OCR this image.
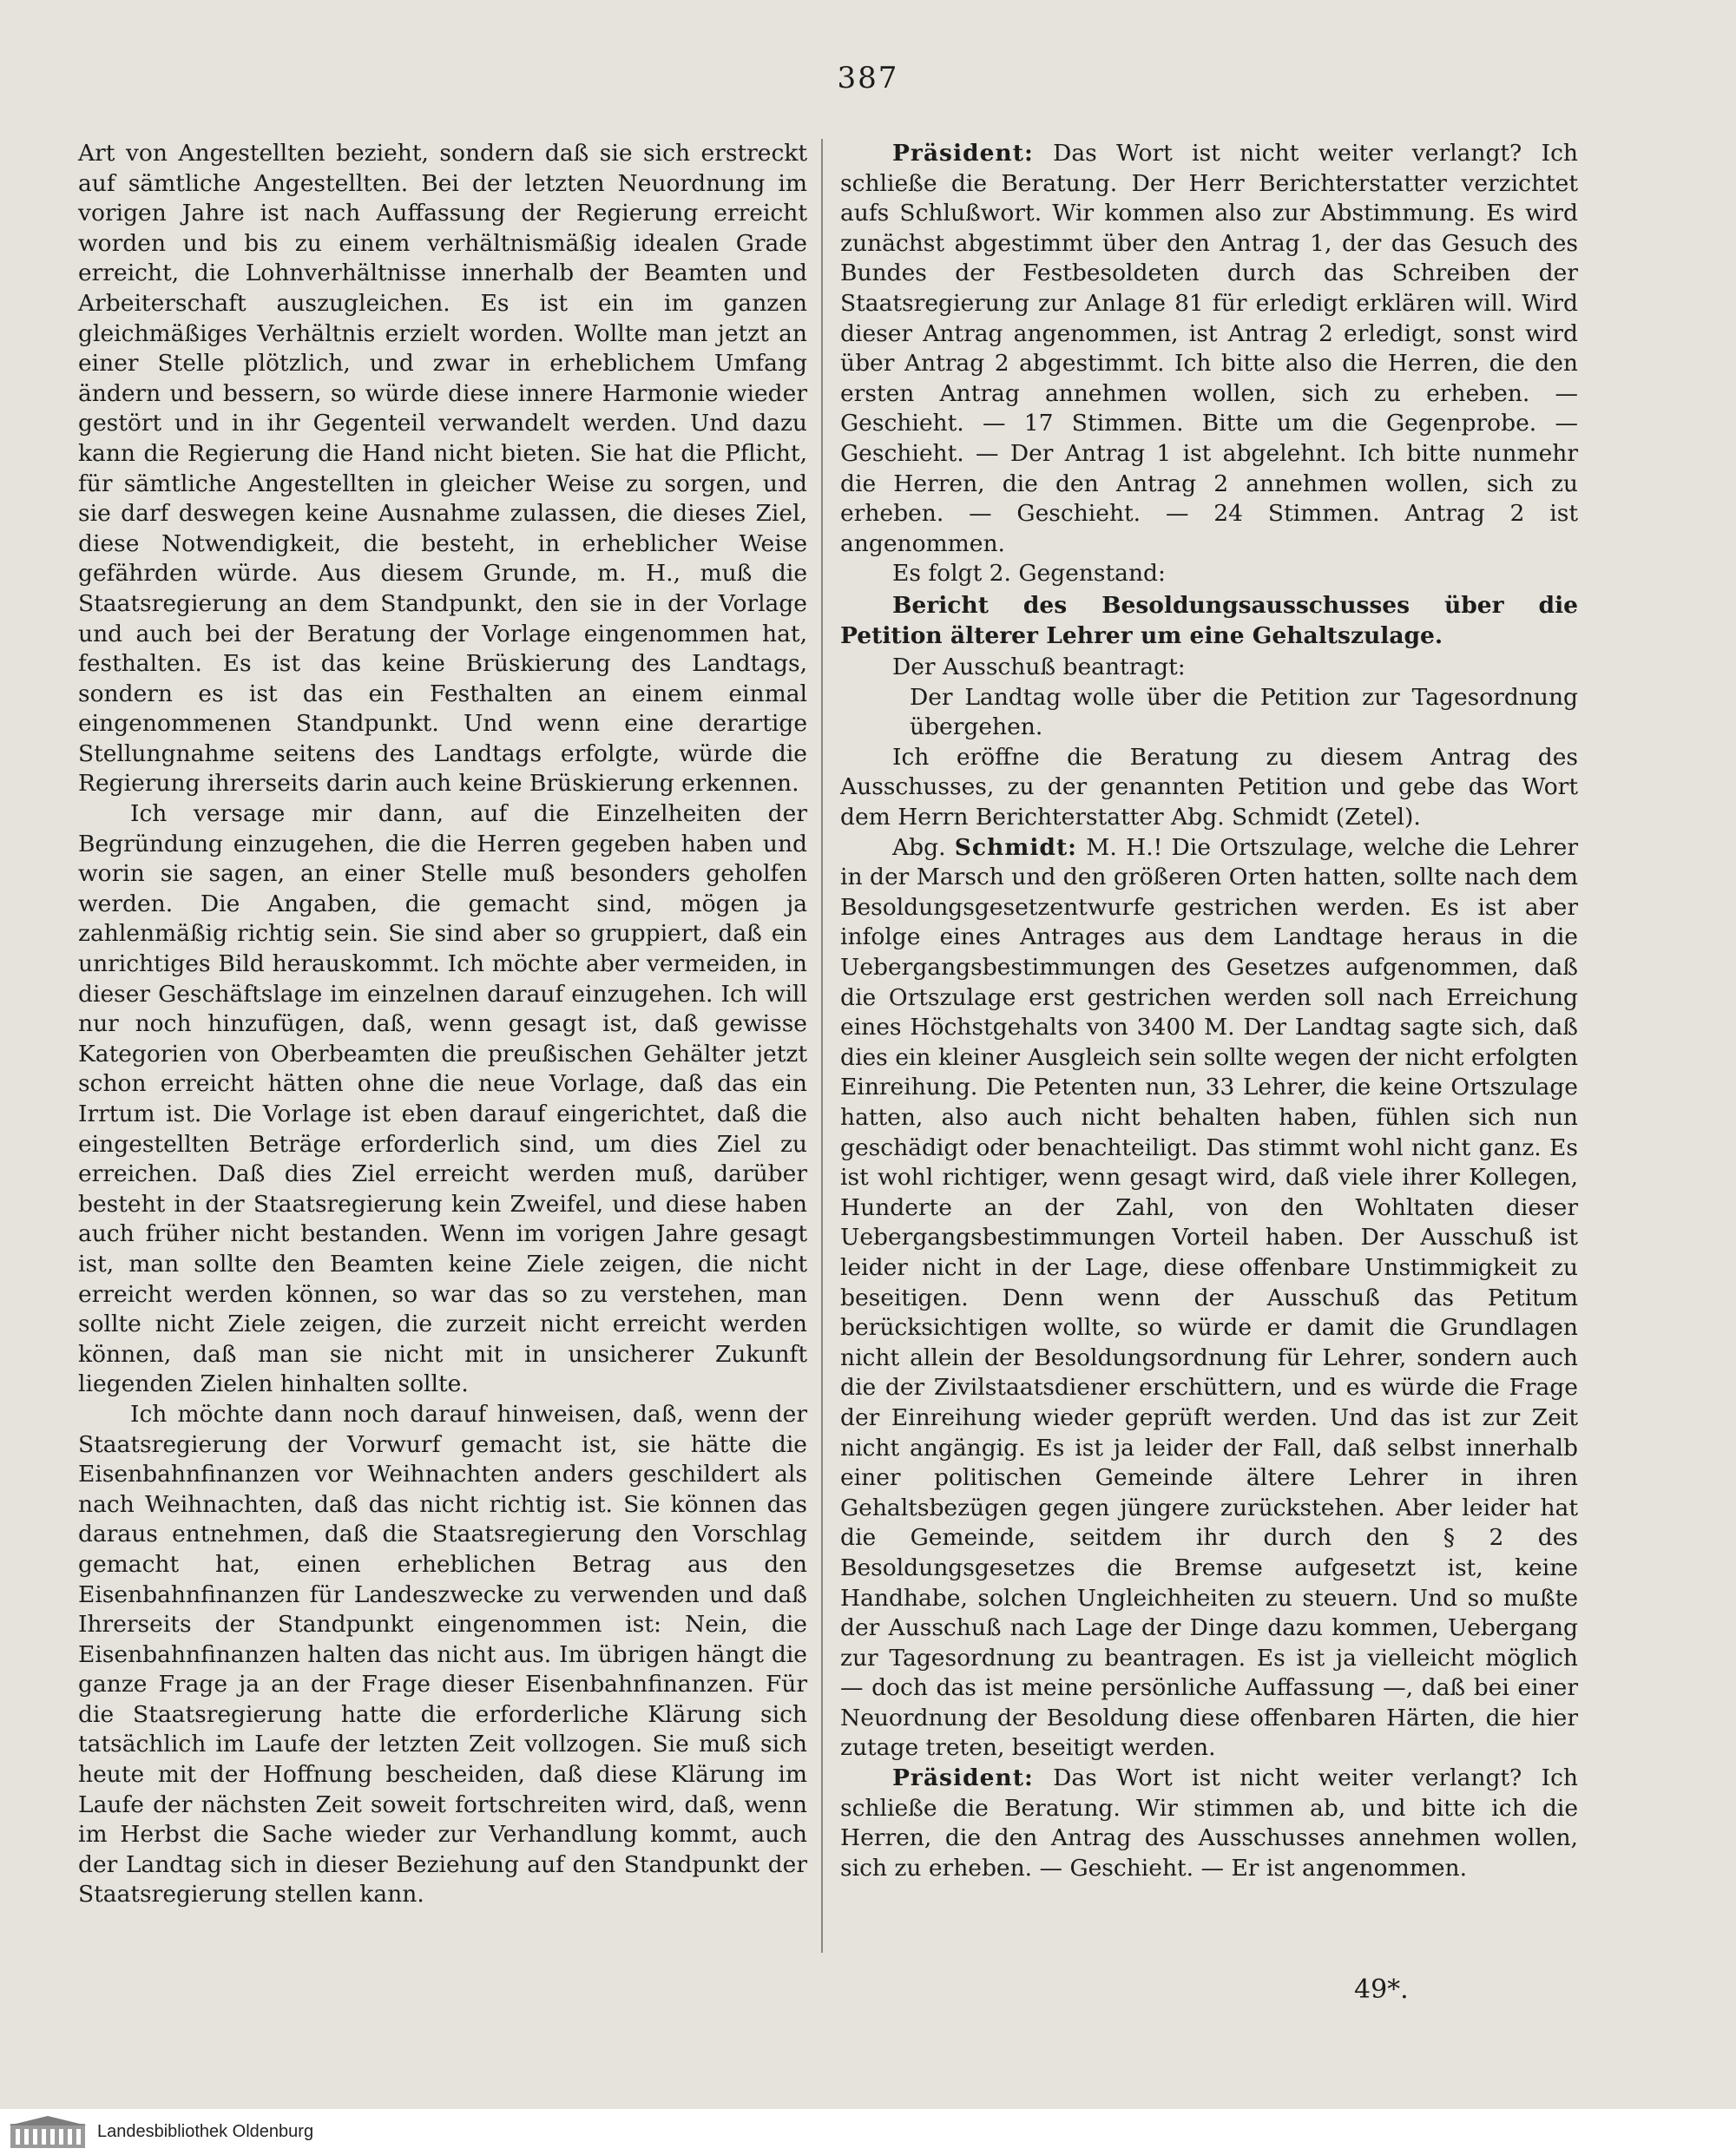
387

Art von Angestellten bezieht, sondern daß sie sich erstreckt auf sämtliche Angestellten. Bei der letzten Neuordnung im vorigen Jahre ist nach Auffassung der Regierung erreicht worden und bis zu einem verhältnismäßig idealen Grade erreicht, die Lohnverhältnisse innerhalb der Beamten und Arbeiterschaft auszugleichen. Es ist ein im ganzen gleichmäßiges Verhältnis erzielt worden. Wollte man jetzt an einer Stelle plötzlich, und zwar in erheblichem Umfang ändern und bessern, so würde diese innere Harmonie wieder gestört und in ihr Gegenteil verwandelt werden. Und dazu kann die Regierung die Hand nicht bieten. Sie hat die Pflicht, für sämtliche Angestellten in gleicher Weise zu sorgen, und sie darf deswegen keine Ausnahme zulassen, die dieses Ziel, diese Notwendigkeit, die besteht, in erheblicher Weise gefährden würde. Aus diesem Grunde, m. H., muß die Staatsregierung an dem Standpunkt, den sie in der Vorlage und auch bei der Beratung der Vorlage eingenommen hat, festhalten. Es ist das keine Brüskierung des Landtags, sondern es ist das ein Festhalten an einem einmal eingenommenen Standpunkt. Und wenn eine derartige Stellungnahme seitens des Landtags erfolgte, würde die Regierung ihrerseits darin auch keine Brüskierung erkennen.

Ich versage mir dann, auf die Einzelheiten der Begründung einzugehen, die die Herren gegeben haben und worin sie sagen, an einer Stelle muß besonders geholfen werden. Die Angaben, die gemacht sind, mögen ja zahlenmäßig richtig sein. Sie sind aber so gruppiert, daß ein unrichtiges Bild herauskommt. Ich möchte aber vermeiden, in dieser Geschäftslage im einzelnen darauf einzugehen. Ich will nur noch hinzufügen, daß, wenn gesagt ist, daß gewisse Kategorien von Oberbeamten die preußischen Gehälter jetzt schon erreicht hätten ohne die neue Vorlage, daß das ein Irrtum ist. Die Vorlage ist eben darauf eingerichtet, daß die eingestellten Beträge erforderlich sind, um dies Ziel zu erreichen. Daß dies Ziel erreicht werden muß, darüber besteht in der Staatsregierung kein Zweifel, und diese haben auch früher nicht bestanden. Wenn im vorigen Jahre gesagt ist, man sollte den Beamten keine Ziele zeigen, die nicht erreicht werden können, so war das so zu verstehen, man sollte nicht Ziele zeigen, die zurzeit nicht erreicht werden können, daß man sie nicht mit in unsicherer Zukunft liegenden Zielen hinhalten sollte.

Ich möchte dann noch darauf hinweisen, daß, wenn der Staatsregierung der Vorwurf gemacht ist, sie hätte die Eisenbahnfinanzen vor Weihnachten anders geschildert als nach Weihnachten, daß das nicht richtig ist. Sie können das daraus entnehmen, daß die Staatsregierung den Vorschlag gemacht hat, einen erheblichen Betrag aus den Eisenbahnfinanzen für Landeszwecke zu verwenden und daß Ihrerseits der Standpunkt eingenommen ist: Nein, die Eisenbahnfinanzen halten das nicht aus. Im übrigen hängt die ganze Frage ja an der Frage dieser Eisenbahnfinanzen. Für die Staatsregierung hatte die erforderliche Klärung sich tatsächlich im Laufe der letzten Zeit vollzogen. Sie muß sich heute mit der Hoffnung bescheiden, daß diese Klärung im Laufe der nächsten Zeit soweit fortschreiten wird, daß, wenn im Herbst die Sache wieder zur Verhandlung kommt, auch der Landtag sich in dieser Beziehung auf den Standpunkt der Staatsregierung stellen kann.

Präsident: Das Wort ist nicht weiter verlangt? Ich schließe die Beratung. Der Herr Berichterstatter verzichtet aufs Schlußwort. Wir kommen also zur Abstimmung. Es wird zunächst abgestimmt über den Antrag 1, der das Gesuch des Bundes der Festbesoldeten durch das Schreiben der Staatsregierung zur Anlage 81 für erledigt erklären will. Wird dieser Antrag angenommen, ist Antrag 2 erledigt, sonst wird über Antrag 2 abgestimmt. Ich bitte also die Herren, die den ersten Antrag annehmen wollen, sich zu erheben. — Geschieht. — 17 Stimmen. Bitte um die Gegenprobe. — Geschieht. — Der Antrag 1 ist abgelehnt. Ich bitte nunmehr die Herren, die den Antrag 2 annehmen wollen, sich zu erheben. — Geschieht. — 24 Stimmen. Antrag 2 ist angenommen.

Es folgt 2. Gegenstand:

Bericht des Besoldungsausschusses über die Petition älterer Lehrer um eine Gehaltszulage.

Der Ausschuß beantragt:

Der Landtag wolle über die Petition zur Tagesordnung übergehen.

Ich eröffne die Beratung zu diesem Antrag des Ausschusses, zu der genannten Petition und gebe das Wort dem Herrn Berichterstatter Abg. Schmidt (Zetel).

Abg. Schmidt: M. H.! Die Ortszulage, welche die Lehrer in der Marsch und den größeren Orten hatten, sollte nach dem Besoldungsgesetzentwurfe gestrichen werden. Es ist aber infolge eines Antrages aus dem Landtage heraus in die Uebergangsbestimmungen des Gesetzes aufgenommen, daß die Ortszulage erst gestrichen werden soll nach Erreichung eines Höchstgehalts von 3400 M. Der Landtag sagte sich, daß dies ein kleiner Ausgleich sein sollte wegen der nicht erfolgten Einreihung. Die Petenten nun, 33 Lehrer, die keine Ortszulage hatten, also auch nicht behalten haben, fühlen sich nun geschädigt oder benachteiligt. Das stimmt wohl nicht ganz. Es ist wohl richtiger, wenn gesagt wird, daß viele ihrer Kollegen, Hunderte an der Zahl, von den Wohltaten dieser Uebergangsbestimmungen Vorteil haben. Der Ausschuß ist leider nicht in der Lage, diese offenbare Unstimmigkeit zu beseitigen. Denn wenn der Ausschuß das Petitum berücksichtigen wollte, so würde er damit die Grundlagen nicht allein der Besoldungsordnung für Lehrer, sondern auch die der Zivilstaatsdiener erschüttern, und es würde die Frage der Einreihung wieder geprüft werden. Und das ist zur Zeit nicht angängig. Es ist ja leider der Fall, daß selbst innerhalb einer politischen Gemeinde ältere Lehrer in ihren Gehaltsbezügen gegen jüngere zurückstehen. Aber leider hat die Gemeinde, seitdem ihr durch den § 2 des Besoldungsgesetzes die Bremse aufgesetzt ist, keine Handhabe, solchen Ungleichheiten zu steuern. Und so mußte der Ausschuß nach Lage der Dinge dazu kommen, Uebergang zur Tagesordnung zu beantragen. Es ist ja vielleicht möglich — doch das ist meine persönliche Auffassung —, daß bei einer Neuordnung der Besoldung diese offenbaren Härten, die hier zutage treten, beseitigt werden.

Präsident: Das Wort ist nicht weiter verlangt? Ich schließe die Beratung. Wir stimmen ab, und bitte ich die Herren, die den Antrag des Ausschusses annehmen wollen, sich zu erheben. — Geschieht. — Er ist angenommen.

49*.
Landesbibliothek Oldenburg
